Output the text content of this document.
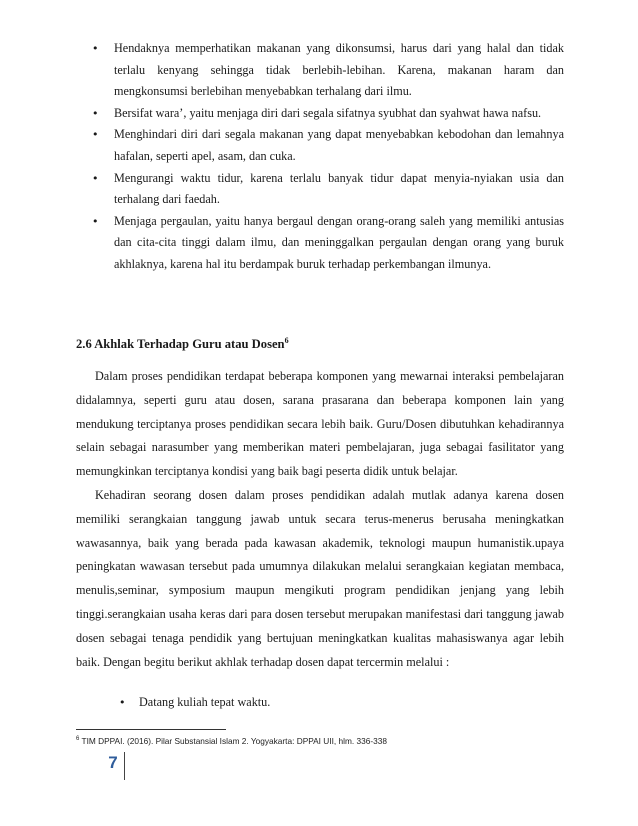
• Hendaknya memperhatikan makanan yang dikonsumsi, harus dari yang halal dan tidak terlalu kenyang sehingga tidak berlebih-lebihan. Karena, makanan haram dan mengkonsumsi berlebihan menyebabkan terhalang dari ilmu.
• Bersifat wara’, yaitu menjaga diri dari segala sifatnya syubhat dan syahwat hawa nafsu.
• Menghindari diri dari segala makanan yang dapat menyebabkan kebodohan dan lemahnya hafalan, seperti apel, asam, dan cuka.
• Mengurangi waktu tidur, karena terlalu banyak tidur dapat menyia-nyiakan usia dan terhalang dari faedah.
• Menjaga pergaulan, yaitu hanya bergaul dengan orang-orang saleh yang memiliki antusias dan cita-cita tinggi dalam ilmu, dan meninggalkan pergaulan dengan orang yang buruk akhlaknya, karena hal itu berdampak buruk terhadap perkembangan ilmunya.
2.6 Akhlak Terhadap Guru atau Dosen$^6$

Dalam proses pendidikan terdapat beberapa komponen yang mewarnai interaksi pembelajaran didalamnya, seperti guru atau dosen, sarana prasarana dan beberapa komponen lain yang mendukung terciptanya proses pendidikan secara lebih baik. Guru/Dosen dibutuhkan kehadirannya selain sebagai narasumber yang memberikan materi pembelajaran, juga sebagai fasilitator yang memungkinkan terciptanya kondisi yang baik bagi peserta didik untuk belajar.

Kehadiran seorang dosen dalam proses pendidikan adalah mutlak adanya karena dosen memiliki serangkaian tanggung jawab untuk secara terus-menerus berusaha meningkatkan wawasannya, baik yang berada pada kawasan akademik, teknologi maupun humanistik.upaya peningkatan wawasan tersebut pada umumnya dilakukan melalui serangkaian kegiatan membaca, menulis,seminar, symposium maupun mengikuti program pendidikan jenjang yang lebih tinggi.serangkaian usaha keras dari para dosen tersebut merupakan manifestasi dari tanggung jawab dosen sebagai tenaga pendidik yang bertujuan meningkatkan kualitas mahasiswanya agar lebih baik. Dengan begitu berikut akhlak terhadap dosen dapat tercermin melalui :

• Datang kuliah tepat waktu.

$^6$ TIM DPPAI. (2016). Pilar Substansial Islam 2. Yogyakarta: DPPAI UII, hlm. 336-338

7
